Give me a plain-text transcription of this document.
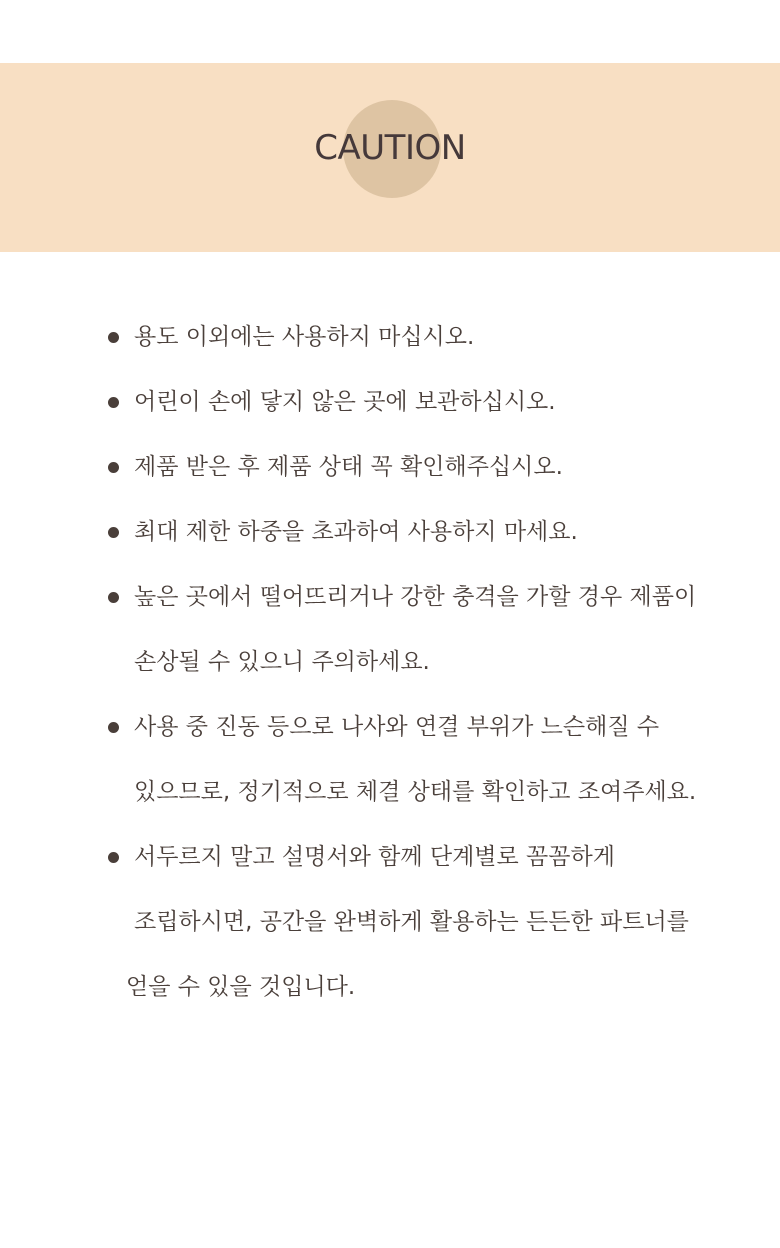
CAUTION
용도 이외에는 사용하지 마십시오.
어린이 손에 닿지 않은 곳에 보관하십시오.
제품 받은 후 제품 상태 꼭 확인해주십시오.
최대 제한 하중을 초과하여 사용하지 마세요.
높은 곳에서 떨어뜨리거나 강한 충격을 가할 경우 제품이
손상될 수 있으니 주의하세요.
사용 중 진동 등으로 나사와 연결 부위가 느슨해질 수
있으므로, 정기적으로 체결 상태를 확인하고 조여주세요.
서두르지 말고 설명서와 함께 단계별로 꼼꼼하게
조립하시면, 공간을 완벽하게 활용하는 든든한 파트너를
얻을 수 있을 것입니다.
